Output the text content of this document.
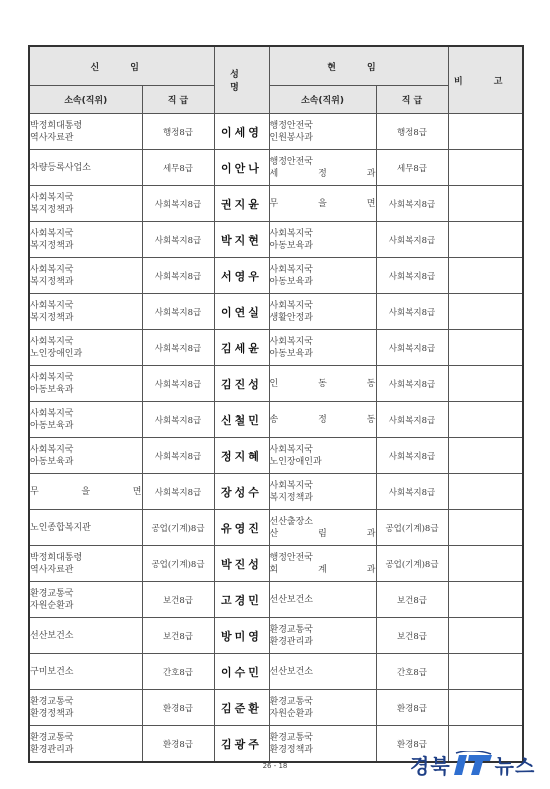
신 임		성 명	현 임		비 고
소속(직위)	직 급		소속(직위)	직 급	

박정희대통령
역사자료관	행정8급	이세영	행정안전국
인원봉사과	행정8급	

차량등록사업소	세무8급	이안나	행정안전국
세 정 과	세무8급	

사회복지국
복지정책과	사회복지8급	권지윤	무 을 면	사회복지8급	

사회복지국
복지정책과	사회복지8급	박지현	사회복지국
아동보육과	사회복지8급	

사회복지국
복지정책과	사회복지8급	서영우	사회복지국
아동보육과	사회복지8급	

사회복지국
복지정책과	사회복지8급	이연실	사회복지국
생활안정과	사회복지8급	

사회복지국
노인장애인과	사회복지8급	김세윤	사회복지국
아동보육과	사회복지8급	

사회복지국
아동보육과	사회복지8급	김진성	인 동 동	사회복지8급	

사회복지국
아동보육과	사회복지8급	신철민	송 정 동	사회복지8급	

사회복지국
아동보육과	사회복지8급	정지혜	사회복지국
노인장애인과	사회복지8급	

무 을 면	사회복지8급	장성수	사회복지국
복지정책과	사회복지8급	

노인종합복지관	공업(기계)8급	유영진	선산출장소
산 림 과	공업(기계)8급	

박정희대통령
역사자료관	공업(기계)8급	박진성	행정안전국
회 계 과	공업(기계)8급	

환경교통국
자원순환과	보건8급	고경민	선산보건소	보건8급	

선산보건소	보건8급	방미영	환경교통국
환경관리과	보건8급	

구미보건소	간호8급	이수민	선산보건소	간호8급	

환경교통국
환경정책과	환경8급	김준환	환경교통국
자원순환과	환경8급	

환경교통국
환경관리과	환경8급	김광주	환경교통국
환경정책과	환경8급	
26 - 18	경북 뉴스
